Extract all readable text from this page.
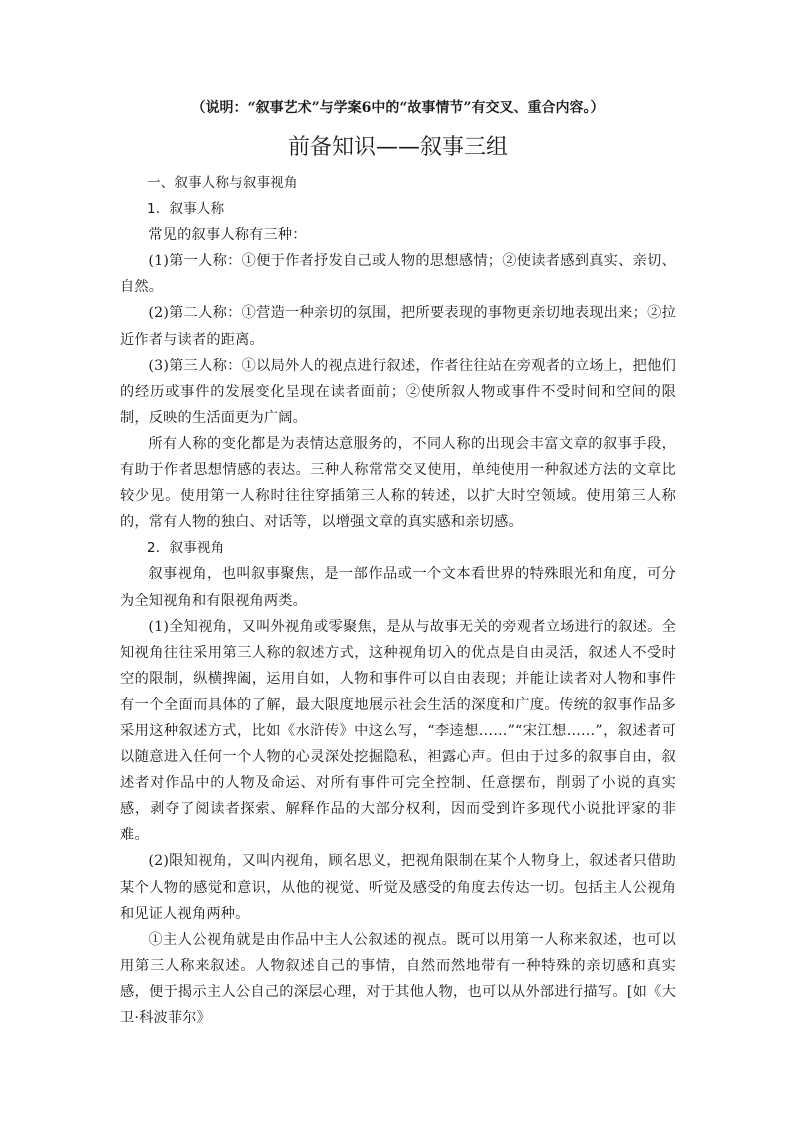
（说明：“叙事艺术”与学案6中的“故事情节”有交叉、重合内容。）
前备知识——叙事三组

一、叙事人称与叙事视角

1．叙事人称

常见的叙事人称有三种：

(1)第一人称：①便于作者抒发自己或人物的思想感情；②使读者感到真实、亲切、自然。

(2)第二人称：①营造一种亲切的氛围，把所要表现的事物更亲切地表现出来；②拉近作者与读者的距离。

(3)第三人称：①以局外人的视点进行叙述，作者往往站在旁观者的立场上，把他们的经历或事件的发展变化呈现在读者面前；②使所叙人物或事件不受时间和空间的限制，反映的生活面更为广阔。

所有人称的变化都是为表情达意服务的，不同人称的出现会丰富文章的叙事手段，有助于作者思想情感的表达。三种人称常常交叉使用，单纯使用一种叙述方法的文章比较少见。使用第一人称时往往穿插第三人称的转述，以扩大时空领域。使用第三人称的，常有人物的独白、对话等，以增强文章的真实感和亲切感。

2．叙事视角

叙事视角，也叫叙事聚焦，是一部作品或一个文本看世界的特殊眼光和角度，可分为全知视角和有限视角两类。

(1)全知视角，又叫外视角或零聚焦，是从与故事无关的旁观者立场进行的叙述。全知视角往往采用第三人称的叙述方式，这种视角切入的优点是自由灵活，叙述人不受时空的限制，纵横捭阖，运用自如，人物和事件可以自由表现；并能让读者对人物和事件有一个全面而具体的了解，最大限度地展示社会生活的深度和广度。传统的叙事作品多采用这种叙述方式，比如《水浒传》中这么写，“李逵想……”“宋江想……”，叙述者可以随意进入任何一个人物的心灵深处挖掘隐私，袒露心声。但由于过多的叙事自由，叙述者对作品中的人物及命运、对所有事件可完全控制、任意摆布，削弱了小说的真实感，剥夺了阅读者探索、解释作品的大部分权利，因而受到许多现代小说批评家的非难。

(2)限知视角，又叫内视角，顾名思义，把视角限制在某个人物身上，叙述者只借助某个人物的感觉和意识，从他的视觉、听觉及感受的角度去传达一切。包括主人公视角和见证人视角两种。

①主人公视角就是由作品中主人公叙述的视点。既可以用第一人称来叙述，也可以用第三人称来叙述。人物叙述自己的事情，自然而然地带有一种特殊的亲切感和真实感，便于揭示主人公自己的深层心理，对于其他人物，也可以从外部进行描写。[如《大卫·科波菲尔》
